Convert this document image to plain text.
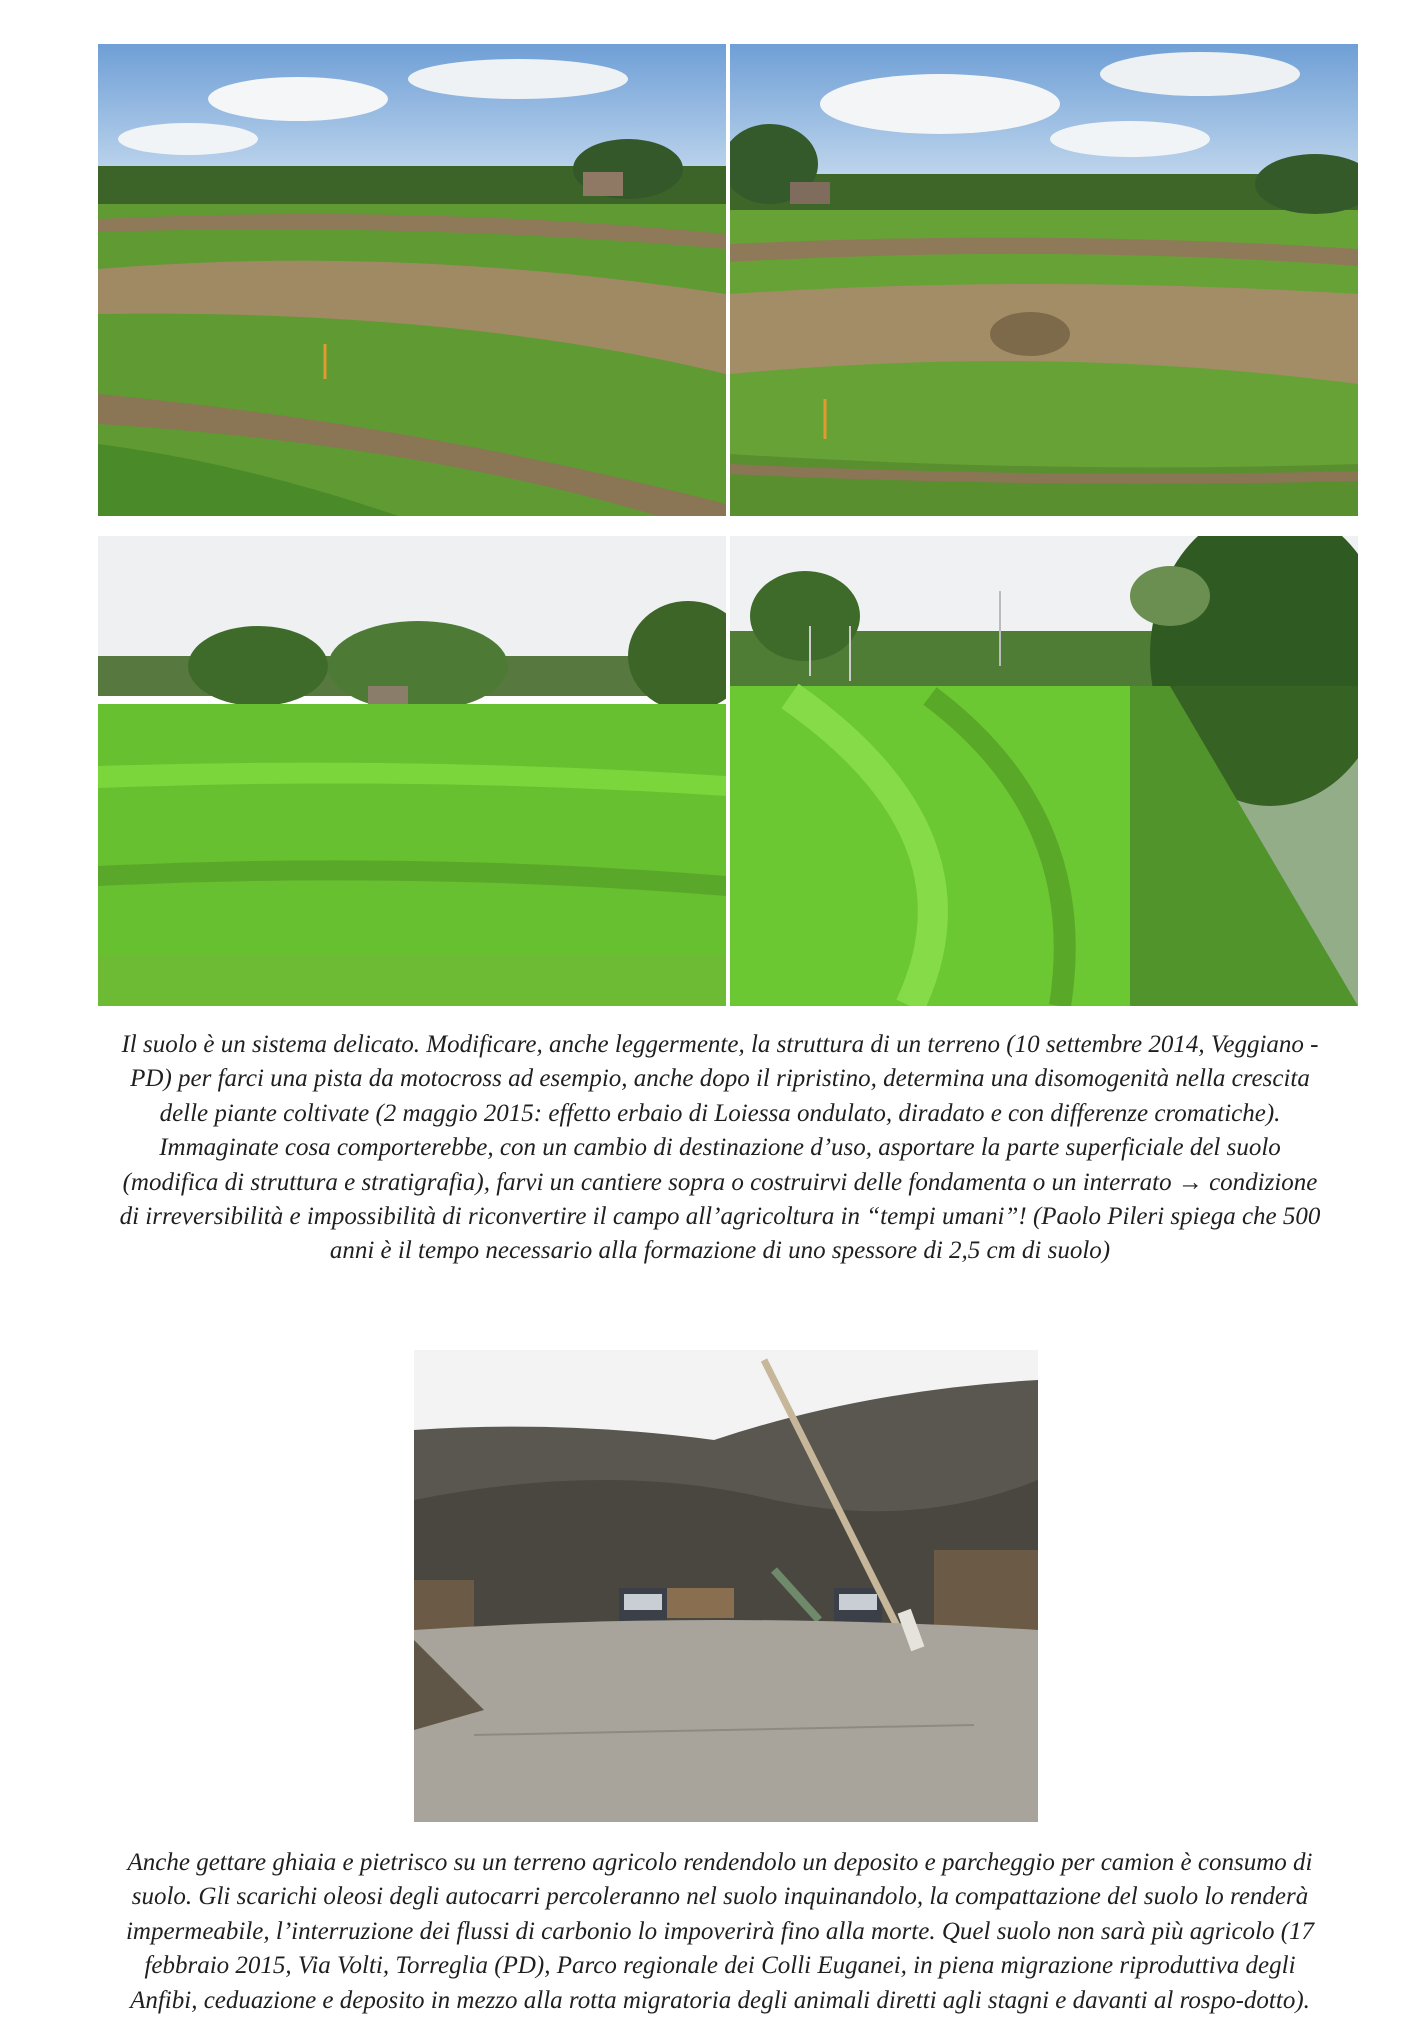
Il suolo è un sistema delicato. Modificare, anche leggermente, la struttura di un terreno (10 settembre 2014, Veggiano -
PD) per farci una pista da motocross ad esempio, anche dopo il ripristino, determina una disomogenità nella crescita
delle piante coltivate (2 maggio 2015: effetto erbaio di Loiessa ondulato, diradato e con differenze cromatiche).
Immaginate cosa comporterebbe, con un cambio di destinazione d’uso, asportare la parte superficiale del suolo
(modifica di struttura e stratigrafia), farvi un cantiere sopra o costruirvi delle fondamenta o un interrato → condizione
di irreversibilità e impossibilità di riconvertire il campo all’agricoltura in “tempi umani”! (Paolo Pileri spiega che 500
anni è il tempo necessario alla formazione di uno spessore di 2,5 cm di suolo)
Anche gettare ghiaia e pietrisco su un terreno agricolo rendendolo un deposito e parcheggio per camion è consumo di
suolo. Gli scarichi oleosi degli autocarri percoleranno nel suolo inquinandolo, la compattazione del suolo lo renderà
impermeabile, l’interruzione dei flussi di carbonio lo impoverirà fino alla morte. Quel suolo non sarà più agricolo (17
febbraio 2015, Via Volti, Torreglia (PD), Parco regionale dei Colli Euganei, in piena migrazione riproduttiva degli
Anfibi, ceduazione e deposito in mezzo alla rotta migratoria degli animali diretti agli stagni e davanti al rospo-dotto).
